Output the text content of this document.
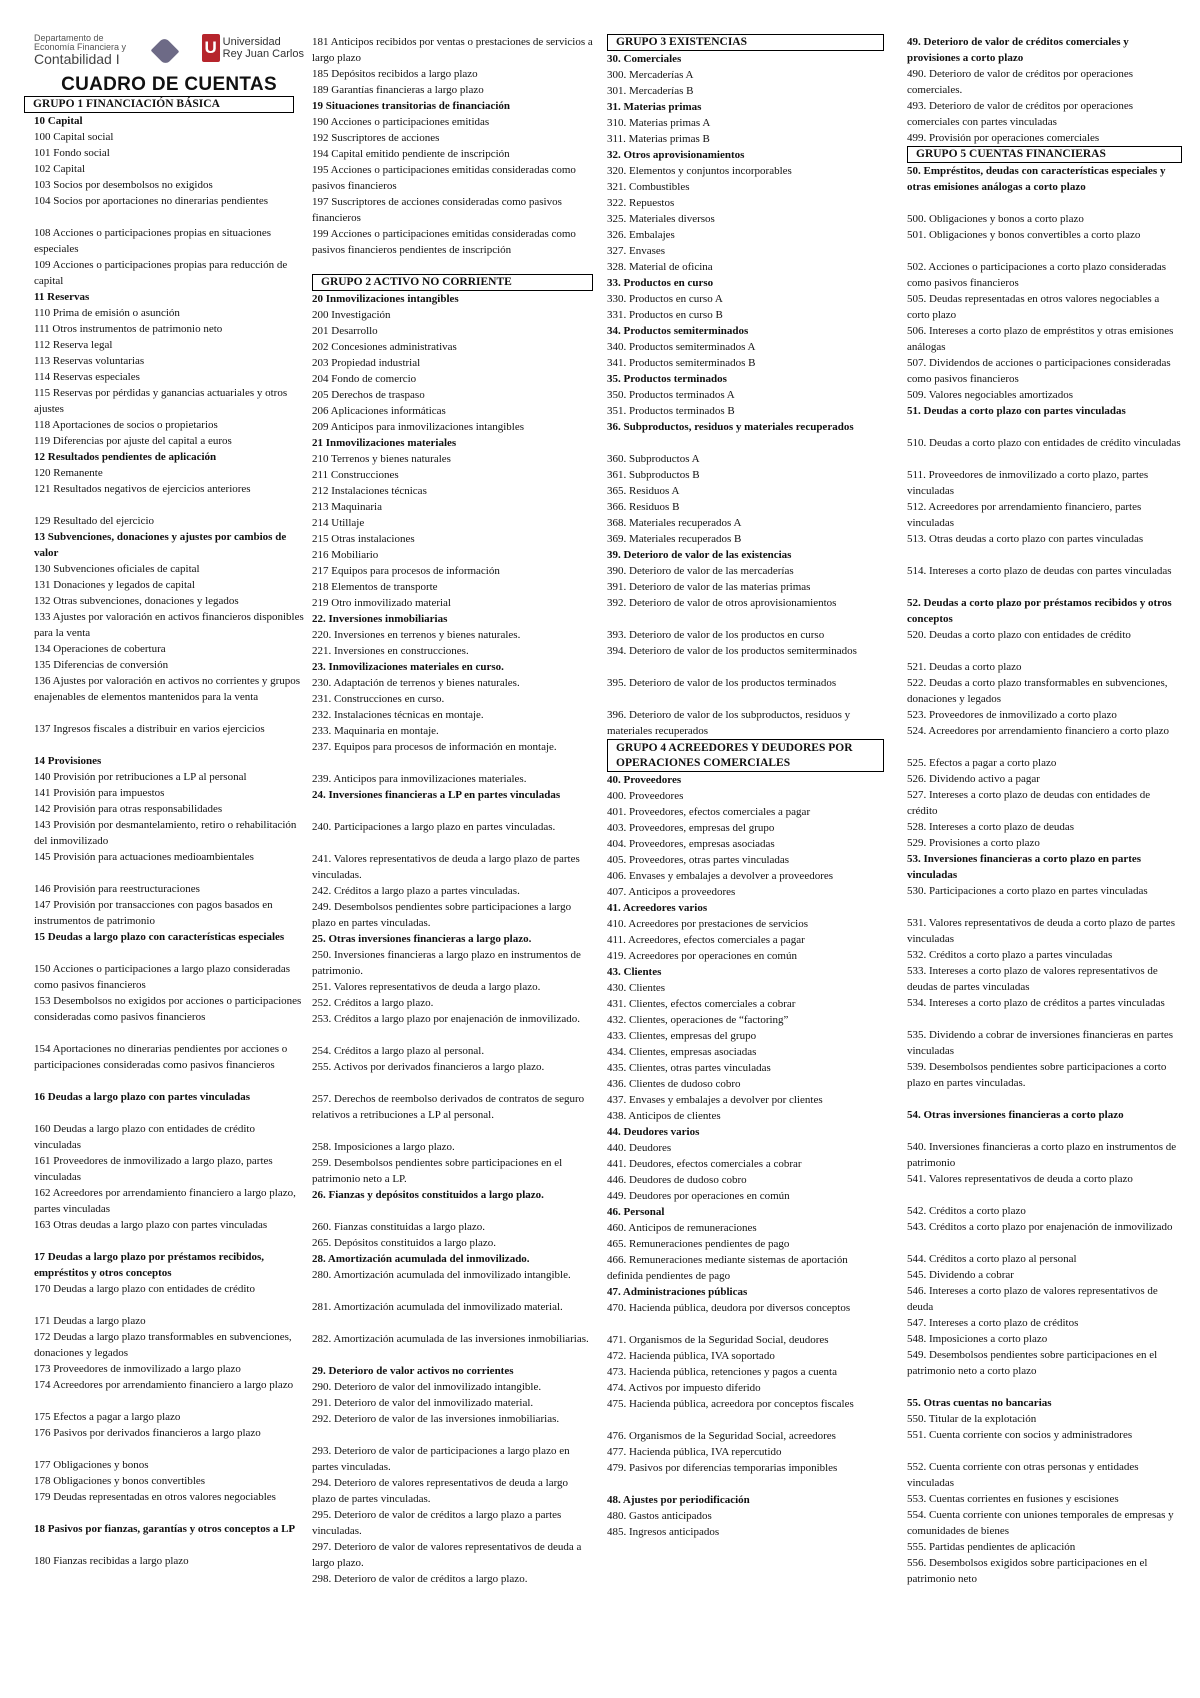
Departamento de Economía Financiera y
Contabilidad I
U Universidad
Rey Juan Carlos
CUADRO DE CUENTAS
GRUPO 1 FINANCIACIÓN BÁSICA
10 Capital
100 Capital social
101 Fondo social
102 Capital
103 Socios por desembolsos no exigidos
104 Socios por aportaciones no dinerarias pendientes
108 Acciones o participaciones propias en situaciones especiales
109 Acciones o participaciones propias para reducción de capital
11 Reservas
110 Prima de emisión o asunción
111 Otros instrumentos de patrimonio neto
112 Reserva legal
113 Reservas voluntarias
114 Reservas especiales
115 Reservas por pérdidas y ganancias actuariales y otros ajustes
118 Aportaciones de socios o propietarios
119 Diferencias por ajuste del capital a euros
12 Resultados pendientes de aplicación
120 Remanente
121 Resultados negativos de ejercicios anteriores
129 Resultado del ejercicio
13 Subvenciones, donaciones y ajustes por cambios de valor
130 Subvenciones oficiales de capital
131 Donaciones y legados de capital
132 Otras subvenciones, donaciones y legados
133 Ajustes por valoración en activos financieros disponibles para la venta
134 Operaciones de cobertura
135 Diferencias de conversión
136 Ajustes por valoración en activos no corrientes y grupos enajenables de elementos mantenidos para la venta
137 Ingresos fiscales a distribuir en varios ejercicios
14 Provisiones
140 Provisión por retribuciones a LP al personal
141 Provisión para impuestos
142 Provisión para otras responsabilidades
143 Provisión por desmantelamiento, retiro o rehabilitación del inmovilizado
145 Provisión para actuaciones medioambientales
146 Provisión para reestructuraciones
147 Provisión por transacciones con pagos basados en instrumentos de patrimonio
15 Deudas a largo plazo con características especiales
150 Acciones o participaciones a largo plazo consideradas como pasivos financieros
153 Desembolsos no exigidos por acciones o participaciones consideradas como pasivos financieros
154 Aportaciones no dinerarias pendientes por acciones o participaciones consideradas como pasivos financieros
16 Deudas a largo plazo con partes vinculadas
160 Deudas a largo plazo con entidades de crédito vinculadas
161 Proveedores de inmovilizado a largo plazo, partes vinculadas
162 Acreedores por arrendamiento financiero a largo plazo, partes vinculadas
163 Otras deudas a largo plazo con partes vinculadas
17 Deudas a largo plazo por préstamos recibidos, empréstitos y otros conceptos
170 Deudas a largo plazo con entidades de crédito
171 Deudas a largo plazo
172 Deudas a largo plazo transformables en subvenciones, donaciones y legados
173 Proveedores de inmovilizado a largo plazo
174 Acreedores por arrendamiento financiero a largo plazo
175 Efectos a pagar a largo plazo
176 Pasivos por derivados financieros a largo plazo
177 Obligaciones y bonos
178 Obligaciones y bonos convertibles
179 Deudas representadas en otros valores negociables
18 Pasivos por fianzas, garantías y otros conceptos a LP
180 Fianzas recibidas a largo plazo
181 Anticipos recibidos por ventas o prestaciones de servicios a largo plazo
185 Depósitos recibidos a largo plazo
189 Garantías financieras a largo plazo
19 Situaciones transitorias de financiación
190 Acciones o participaciones emitidas
192 Suscriptores de acciones
194 Capital emitido pendiente de inscripción
195 Acciones o participaciones emitidas consideradas como pasivos financieros
197 Suscriptores de acciones consideradas como pasivos financieros
199 Acciones o participaciones emitidas consideradas como pasivos financieros pendientes de inscripción
GRUPO 2 ACTIVO NO CORRIENTE
20 Inmovilizaciones intangibles
200 Investigación
201 Desarrollo
202 Concesiones administrativas
203 Propiedad industrial
204 Fondo de comercio
205 Derechos de traspaso
206 Aplicaciones informáticas
209 Anticipos para inmovilizaciones intangibles
21 Inmovilizaciones materiales
210 Terrenos y bienes naturales
211 Construcciones
212 Instalaciones técnicas
213 Maquinaria
214 Utillaje
215 Otras instalaciones
216 Mobiliario
217 Equipos para procesos de información
218 Elementos de transporte
219 Otro inmovilizado material
22. Inversiones inmobiliarias
220. Inversiones en terrenos y bienes naturales.
221. Inversiones en construcciones.
23. Inmovilizaciones materiales en curso.
230. Adaptación de terrenos y bienes naturales.
231. Construcciones en curso.
232. Instalaciones técnicas en montaje.
233. Maquinaria en montaje.
237. Equipos para procesos de información en montaje.
239. Anticipos para inmovilizaciones materiales.
24. Inversiones financieras a LP en partes vinculadas
240. Participaciones a largo plazo en partes vinculadas.
241. Valores representativos de deuda a largo plazo de partes vinculadas.
242. Créditos a largo plazo a partes vinculadas.
249. Desembolsos pendientes sobre participaciones a largo plazo en partes vinculadas.
25. Otras inversiones financieras a largo plazo.
250. Inversiones financieras a largo plazo en instrumentos de patrimonio.
251. Valores representativos de deuda a largo plazo.
252. Créditos a largo plazo.
253. Créditos a largo plazo por enajenación de inmovilizado.
254. Créditos a largo plazo al personal.
255. Activos por derivados financieros a largo plazo.
257. Derechos de reembolso derivados de contratos de seguro relativos a retribuciones a LP al personal.
258. Imposiciones a largo plazo.
259. Desembolsos pendientes sobre participaciones en el patrimonio neto a LP.
26. Fianzas y depósitos constituidos a largo plazo.
260. Fianzas constituidas a largo plazo.
265. Depósitos constituidos a largo plazo.
28. Amortización acumulada del inmovilizado.
280. Amortización acumulada del inmovilizado intangible.
281. Amortización acumulada del inmovilizado material.
282. Amortización acumulada de las inversiones inmobiliarias.
29. Deterioro de valor activos no corrientes
290. Deterioro de valor del inmovilizado intangible.
291. Deterioro de valor del inmovilizado material.
292. Deterioro de valor de las inversiones inmobiliarias.
293. Deterioro de valor de participaciones a largo plazo en partes vinculadas.
294. Deterioro de valores representativos de deuda a largo plazo de partes vinculadas.
295. Deterioro de valor de créditos a largo plazo a partes vinculadas.
297. Deterioro de valor de valores representativos de deuda a largo plazo.
298. Deterioro de valor de créditos a largo plazo.
GRUPO 3 EXISTENCIAS
30. Comerciales
300. Mercaderías A
301. Mercaderías B
31. Materias primas
310. Materias primas A
311. Materias primas B
32. Otros aprovisionamientos
320. Elementos y conjuntos incorporables
321. Combustibles
322. Repuestos
325. Materiales diversos
326. Embalajes
327. Envases
328. Material de oficina
33. Productos en curso
330. Productos en curso A
331. Productos en curso B
34. Productos semiterminados
340. Productos semiterminados A
341. Productos semiterminados B
35. Productos terminados
350. Productos terminados A
351. Productos terminados B
36. Subproductos, residuos y materiales recuperados
360. Subproductos A
361. Subproductos B
365. Residuos A
366. Residuos B
368. Materiales recuperados A
369. Materiales recuperados B
39. Deterioro de valor de las existencias
390. Deterioro de valor de las mercaderías
391. Deterioro de valor de las materias primas
392. Deterioro de valor de otros aprovisionamientos
393. Deterioro de valor de los productos en curso
394. Deterioro de valor de los productos semiterminados
395. Deterioro de valor de los productos terminados
396. Deterioro de valor de los subproductos, residuos y materiales recuperados
GRUPO 4 ACREEDORES Y DEUDORES POR OPERACIONES COMERCIALES
40. Proveedores
400. Proveedores
401. Proveedores, efectos comerciales a pagar
403. Proveedores, empresas del grupo
404. Proveedores, empresas asociadas
405. Proveedores, otras partes vinculadas
406. Envases y embalajes a devolver a proveedores
407. Anticipos a proveedores
41. Acreedores varios
410. Acreedores por prestaciones de servicios
411. Acreedores, efectos comerciales a pagar
419. Acreedores por operaciones en común
43. Clientes
430. Clientes
431. Clientes, efectos comerciales a cobrar
432. Clientes, operaciones de “factoring”
433. Clientes, empresas del grupo
434. Clientes, empresas asociadas
435. Clientes, otras partes vinculadas
436. Clientes de dudoso cobro
437. Envases y embalajes a devolver por clientes
438. Anticipos de clientes
44. Deudores varios
440. Deudores
441. Deudores, efectos comerciales a cobrar
446. Deudores de dudoso cobro
449. Deudores por operaciones en común
46. Personal
460. Anticipos de remuneraciones
465. Remuneraciones pendientes de pago
466. Remuneraciones mediante sistemas de aportación definida pendientes de pago
47. Administraciones públicas
470. Hacienda pública, deudora por diversos conceptos
471. Organismos de la Seguridad Social, deudores
472. Hacienda pública, IVA soportado
473. Hacienda pública, retenciones y pagos a cuenta
474. Activos por impuesto diferido
475. Hacienda pública, acreedora por conceptos fiscales
476. Organismos de la Seguridad Social, acreedores
477. Hacienda pública, IVA repercutido
479. Pasivos por diferencias temporarias imponibles
48. Ajustes por periodificación
480. Gastos anticipados
485. Ingresos anticipados
49. Deterioro de valor de créditos comerciales y provisiones a corto plazo
490. Deterioro de valor de créditos por operaciones comerciales.
493. Deterioro de valor de créditos por operaciones comerciales con partes vinculadas
499. Provisión por operaciones comerciales
GRUPO 5 CUENTAS FINANCIERAS
50. Empréstitos, deudas con características especiales y otras emisiones análogas a corto plazo
500. Obligaciones y bonos a corto plazo
501. Obligaciones y bonos convertibles a corto plazo
502. Acciones o participaciones a corto plazo consideradas como pasivos financieros
505. Deudas representadas en otros valores negociables a corto plazo
506. Intereses a corto plazo de empréstitos y otras emisiones análogas
507. Dividendos de acciones o participaciones consideradas como pasivos financieros
509. Valores negociables amortizados
51. Deudas a corto plazo con partes vinculadas
510. Deudas a corto plazo con entidades de crédito vinculadas
511. Proveedores de inmovilizado a corto plazo, partes vinculadas
512. Acreedores por arrendamiento financiero, partes vinculadas
513. Otras deudas a corto plazo con partes vinculadas
514. Intereses a corto plazo de deudas con partes vinculadas
52. Deudas a corto plazo por préstamos recibidos y otros conceptos
520. Deudas a corto plazo con entidades de crédito
521. Deudas a corto plazo
522. Deudas a corto plazo transformables en subvenciones, donaciones y legados
523. Proveedores de inmovilizado a corto plazo
524. Acreedores por arrendamiento financiero a corto plazo
525. Efectos a pagar a corto plazo
526. Dividendo activo a pagar
527. Intereses a corto plazo de deudas con entidades de crédito
528. Intereses a corto plazo de deudas
529. Provisiones a corto plazo
53. Inversiones financieras a corto plazo en partes vinculadas
530. Participaciones a corto plazo en partes vinculadas
531. Valores representativos de deuda a corto plazo de partes vinculadas
532. Créditos a corto plazo a partes vinculadas
533. Intereses a corto plazo de valores representativos de deudas de partes vinculadas
534. Intereses a corto plazo de créditos a partes vinculadas
535. Dividendo a cobrar de inversiones financieras en partes vinculadas
539. Desembolsos pendientes sobre participaciones a corto plazo en partes vinculadas.
54. Otras inversiones financieras a corto plazo
540. Inversiones financieras a corto plazo en instrumentos de patrimonio
541. Valores representativos de deuda a corto plazo
542. Créditos a corto plazo
543. Créditos a corto plazo por enajenación de inmovilizado
544. Créditos a corto plazo al personal
545. Dividendo a cobrar
546. Intereses a corto plazo de valores representativos de deuda
547. Intereses a corto plazo de créditos
548. Imposiciones a corto plazo
549. Desembolsos pendientes sobre participaciones en el patrimonio neto a corto plazo
55. Otras cuentas no bancarias
550. Titular de la explotación
551. Cuenta corriente con socios y administradores
552. Cuenta corriente con otras personas y entidades vinculadas
553. Cuentas corrientes en fusiones y escisiones
554. Cuenta corriente con uniones temporales de empresas y comunidades de bienes
555. Partidas pendientes de aplicación
556. Desembolsos exigidos sobre participaciones en el patrimonio neto
